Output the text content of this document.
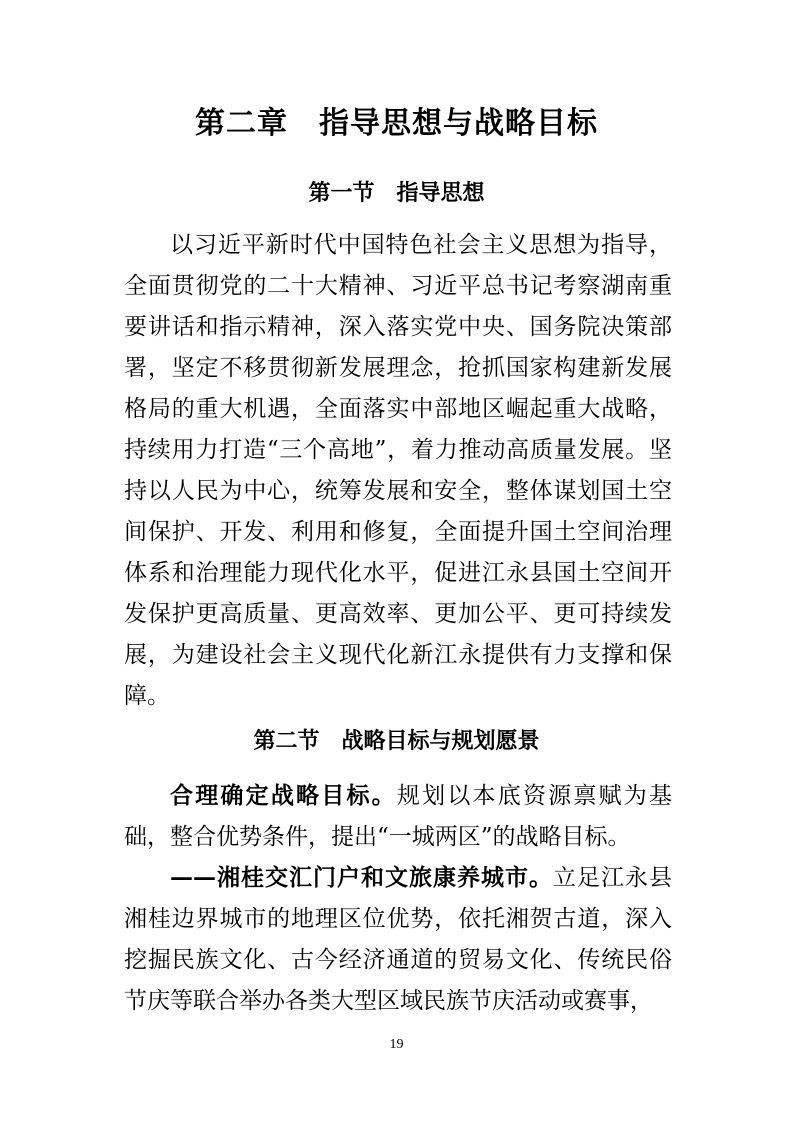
第二章　指导思想与战略目标
第一节　指导思想
以习近平新时代中国特色社会主义思想为指导，全面贯彻党的二十大精神、习近平总书记考察湖南重要讲话和指示精神，深入落实党中央、国务院决策部署，坚定不移贯彻新发展理念，抢抓国家构建新发展格局的重大机遇，全面落实中部地区崛起重大战略，持续用力打造“三个高地”，着力推动高质量发展。坚持以人民为中心，统筹发展和安全，整体谋划国土空间保护、开发、利用和修复，全面提升国土空间治理体系和治理能力现代化水平，促进江永县国土空间开发保护更高质量、更高效率、更加公平、更可持续发展，为建设社会主义现代化新江永提供有力支撑和保障。
第二节　战略目标与规划愿景
合理确定战略目标。规划以本底资源禀赋为基础，整合优势条件，提出“一城两区”的战略目标。
——湘桂交汇门户和文旅康养城市。立足江永县湘桂边界城市的地理区位优势，依托湘贺古道，深入挖掘民族文化、古今经济通道的贸易文化、传统民俗节庆等联合举办各类大型区域民族节庆活动或赛事，
19
